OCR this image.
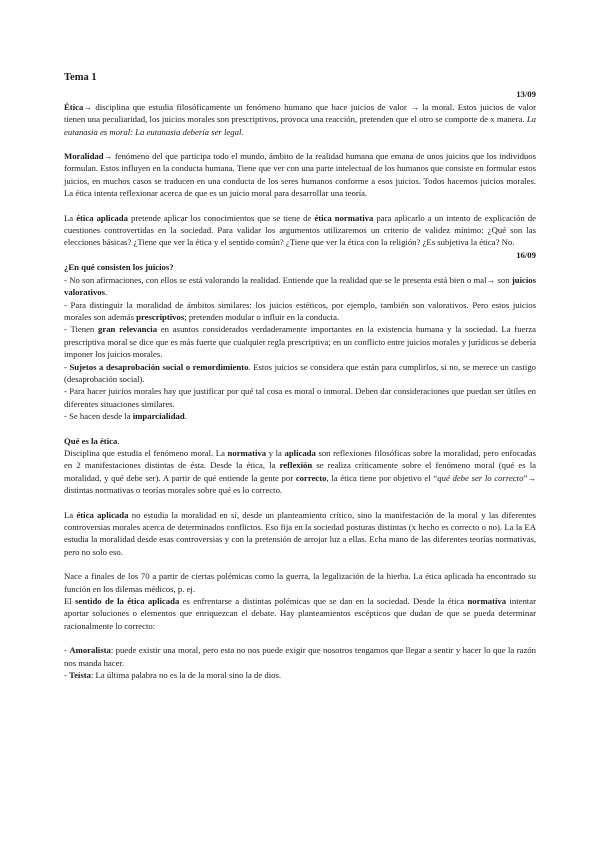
Tema 1
13/09

Ética→ disciplina que estudia filosóficamente un fenómeno humano que hace juicios de valor → la moral. Estos juicios de valor tienen una peculiaridad, los juicios morales son prescriptivos, provoca una reacción, pretenden que el otro se comporte de x manera. La eutanasia es moral: La eutanasia debería ser legal.

Moralidad→ fenómeno del que participa todo el mundo, ámbito de la realidad humana que emana de unos juicios que los individuos formulan. Estos influyen en la conducta humana. Tiene que ver con una parte intelectual de los humanos que consiste en formular estos juicios, en muchos casos se traducen en una conducta de los seres humanos conforme a esos juicios. Todos hacemos juicios morales. La ética intenta reflexionar acerca de que es un juicio moral para desarrollar una teoría.

La ética aplicada pretende aplicar los conocimientos que se tiene de ética normativa para aplicarlo a un intento de explicación de cuestiones controvertidas en la sociedad. Para validar los argumentos utilizaremos un criterio de validez mínimo: ¿Qué son las elecciones básicas? ¿Tiene que ver la ética y el sentido común? ¿Tiene que ver la ética con la religión? ¿Es subjetiva la ética? No.

16/09
¿En qué consisten los juicios?

- No son afirmaciones, con ellos se está valorando la realidad. Entiende que la realidad que se le presenta está bien o mal→ son juicios valorativos.

- Para distinguir la moralidad de ámbitos similares: los juicios estéticos, por ejemplo, también son valorativos. Pero estos juicios morales son además prescriptivos; pretenden modular o influir en la conducta.

- Tienen gran relevancia en asuntos considerados verdaderamente importantes en la existencia humana y la sociedad. La fuerza prescriptiva moral se dice que es más fuerte que cualquier regla prescriptiva; en un conflicto entre juicios morales y jurídicos se debería imponer los juicios morales.

- Sujetos a desaprobación social o remordimiento. Estos juicios se considera que están para cumplirlos, si no, se merece un castigo (desaprobación social).

- Para hacer juicios morales hay que justificar por qué tal cosa es moral o inmoral. Deben dar consideraciones que puedan ser útiles en diferentes situaciones similares.

- Se hacen desde la imparcialidad.

Qué es la ética.

Disciplina que estudia el fenómeno moral. La normativa y la aplicada son reflexiones filosóficas sobre la moralidad, pero enfocadas en 2 manifestaciones distintas de ésta. Desde la ética, la reflexión se realiza críticamente sobre el fenómeno moral (qué es la moralidad, y qué debe ser). A partir de qué entiende la gente por correcto, la ética tiene por objetivo el “qué debe ser lo correcto”→ distintas normativas o teorías morales sobre qué es lo correcto.

La ética aplicada no estudia la moralidad en sí, desde un planteamiento crítico, sino la manifestación de la moral y las diferentes controversias morales acerca de determinados conflictos. Eso fija en la sociedad posturas distintas (x hecho es correcto o no). La la EA estudia la moralidad desde esas controversias y con la pretensión de arrojar luz a ellas. Echa mano de las diferentes teorías normativas, pero no solo eso.

Nace a finales de los 70 a partir de ciertas polémicas como la guerra, la legalización de la hierba. La ética aplicada ha encontrado su función en los dilemas médicos, p. ej.

El sentido de la ética aplicada es enfrentarse a distintas polémicas que se dan en la sociedad. Desde la ética normativa intentar aportar soluciones o elementos que enriquezcan el debate. Hay planteamientos escépticos que dudan de que se pueda determinar racionalmente lo correcto:

- Amoralista: puede existir una moral, pero esta no nos puede exigir que nosotros tengamos que llegar a sentir y hacer lo que la razón nos manda hacer.

- Teísta: La última palabra no es la de la moral sino la de dios.
